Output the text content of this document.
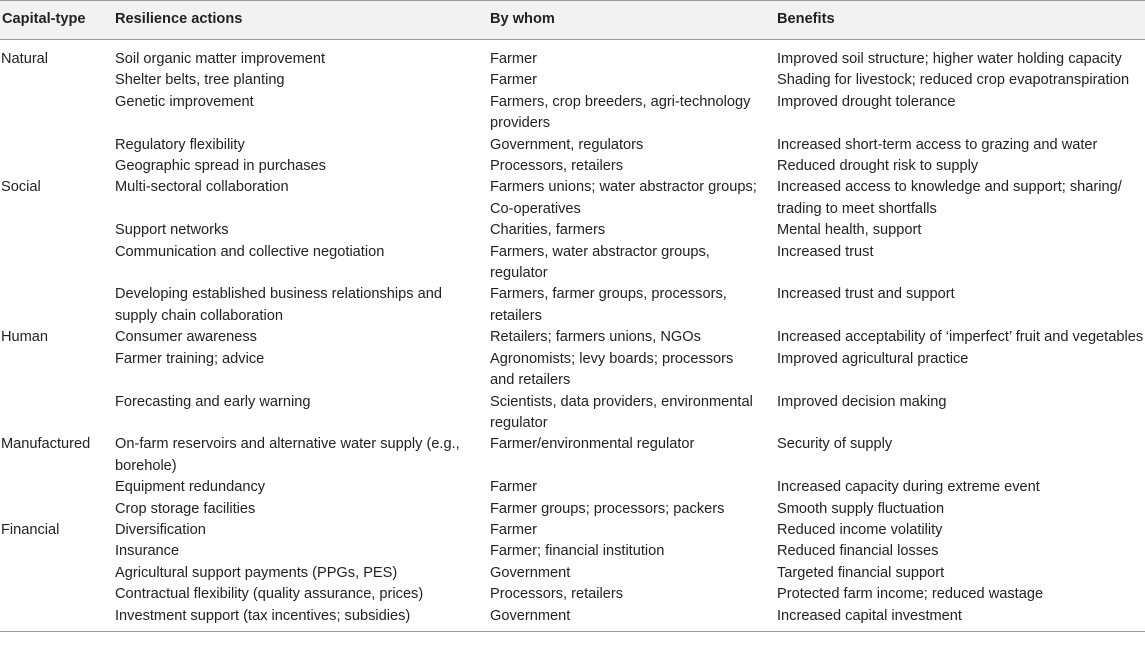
Capital-type	Resilience actions	By whom	Benefits
Natural	Soil organic matter improvement	Farmer	Improved soil structure; higher water holding capacity
	Shelter belts, tree planting	Farmer	Shading for livestock; reduced crop evapotranspiration
	Genetic improvement	Farmers, crop breeders, agri-technology providers	Improved drought tolerance
	Regulatory flexibility	Government, regulators	Increased short-term access to grazing and water
	Geographic spread in purchases	Processors, retailers	Reduced drought risk to supply
Social	Multi-sectoral collaboration	Farmers unions; water abstractor groups; Co-operatives	Increased access to knowledge and support; sharing/ trading to meet shortfalls
	Support networks	Charities, farmers	Mental health, support
	Communication and collective negotiation	Farmers, water abstractor groups, regulator	Increased trust
	Developing established business relationships and supply chain collaboration	Farmers, farmer groups, processors, retailers	Increased trust and support
Human	Consumer awareness	Retailers; farmers unions, NGOs	Increased acceptability of ‘imperfect’ fruit and vegetables
	Farmer training; advice	Agronomists; levy boards; processors and retailers	Improved agricultural practice
	Forecasting and early warning	Scientists, data providers, environmental regulator	Improved decision making
Manufactured	On-farm reservoirs and alternative water supply (e.g., borehole)	Farmer/environmental regulator	Security of supply
	Equipment redundancy	Farmer	Increased capacity during extreme event
	Crop storage facilities	Farmer groups; processors; packers	Smooth supply fluctuation
Financial	Diversification	Farmer	Reduced income volatility
	Insurance	Farmer; financial institution	Reduced financial losses
	Agricultural support payments (PPGs, PES)	Government	Targeted financial support
	Contractual flexibility (quality assurance, prices)	Processors, retailers	Protected farm income; reduced wastage
	Investment support (tax incentives; subsidies)	Government	Increased capital investment
